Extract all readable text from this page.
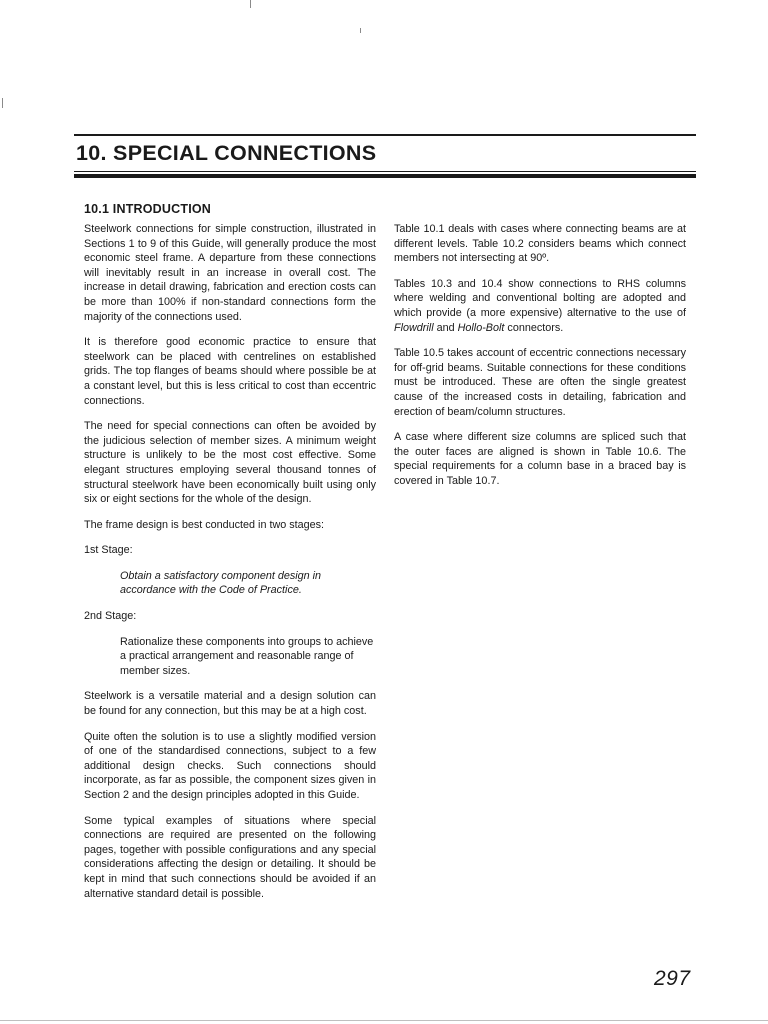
10. SPECIAL CONNECTIONS
10.1 INTRODUCTION

Steelwork connections for simple construction, illustrated in Sections 1 to 9 of this Guide, will generally produce the most economic steel frame. A departure from these connections will inevitably result in an increase in overall cost. The increase in detail drawing, fabrication and erection costs can be more than 100% if non-standard connections form the majority of the connections used.

It is therefore good economic practice to ensure that steelwork can be placed with centrelines on established grids. The top flanges of beams should where possible be at a constant level, but this is less critical to cost than eccentric connections.

The need for special connections can often be avoided by the judicious selection of member sizes. A minimum weight structure is unlikely to be the most cost effective. Some elegant structures employing several thousand tonnes of structural steelwork have been economically built using only six or eight sections for the whole of the design.

The frame design is best conducted in two stages:

1st Stage:

Obtain a satisfactory component design in accordance with the Code of Practice.

2nd Stage:

Rationalize these components into groups to achieve a practical arrangement and reasonable range of member sizes.

Steelwork is a versatile material and a design solution can be found for any connection, but this may be at a high cost.

Quite often the solution is to use a slightly modified version of one of the standardised connections, subject to a few additional design checks. Such connections should incorporate, as far as possible, the component sizes given in Section 2 and the design principles adopted in this Guide.

Some typical examples of situations where special connections are required are presented on the following pages, together with possible configurations and any special considerations affecting the design or detailing. It should be kept in mind that such connections should be avoided if an alternative standard detail is possible.

Table 10.1 deals with cases where connecting beams are at different levels. Table 10.2 considers beams which connect members not intersecting at 90º.

Tables 10.3 and 10.4 show connections to RHS columns where welding and conventional bolting are adopted and which provide (a more expensive) alternative to the use of Flowdrill and Hollo-Bolt connectors.

Table 10.5 takes account of eccentric connections necessary for off-grid beams. Suitable connections for these conditions must be introduced. These are often the single greatest cause of the increased costs in detailing, fabrication and erection of beam/column structures.

A case where different size columns are spliced such that the outer faces are aligned is shown in Table 10.6. The special requirements for a column base in a braced bay is covered in Table 10.7.

297
